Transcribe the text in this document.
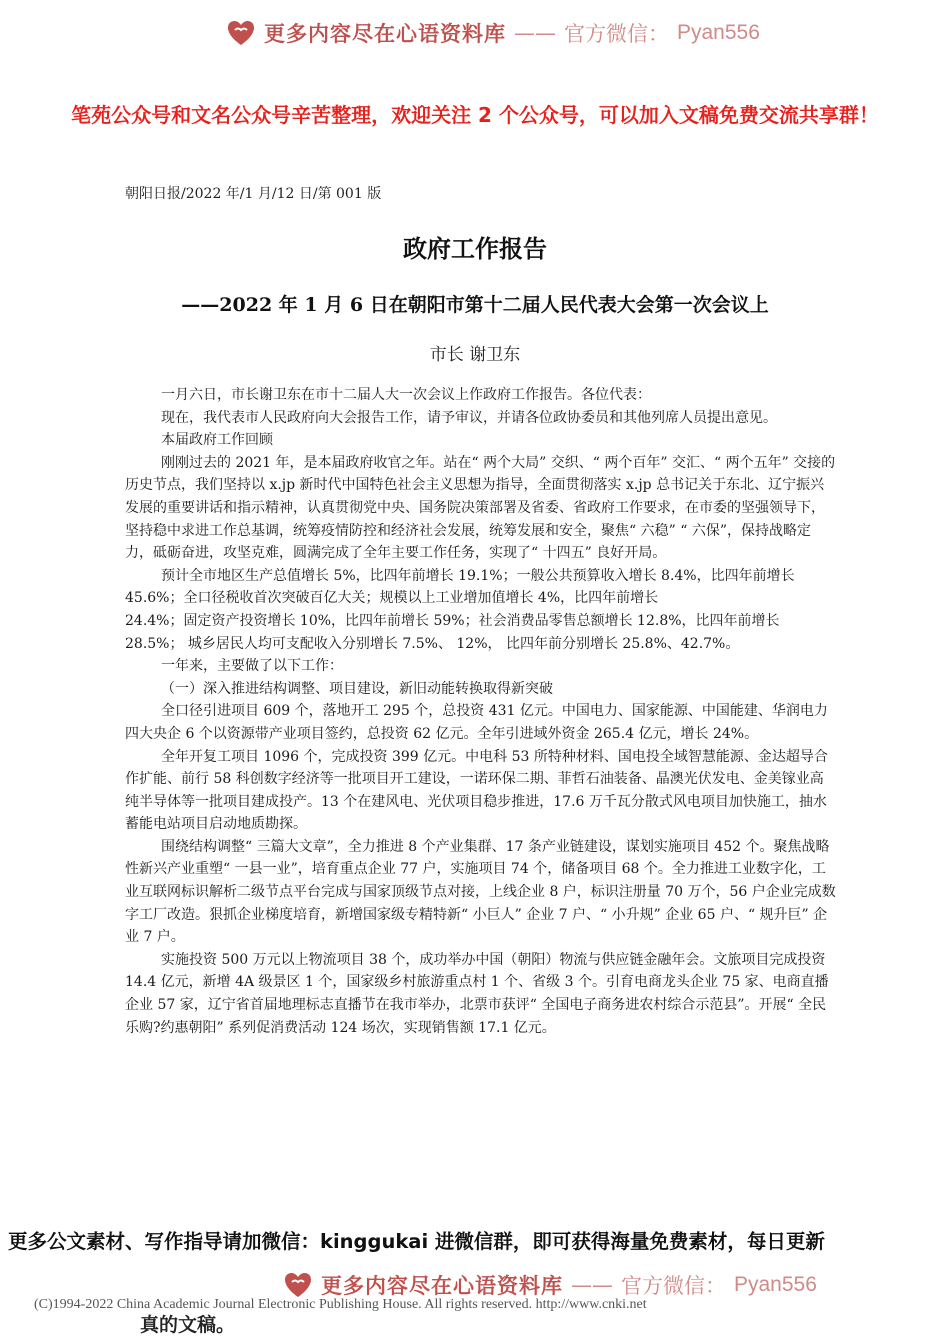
更多内容尽在心语资料库 —— 官方微信： Pyan556
笔苑公众号和文名公众号辛苦整理，欢迎关注 2 个公众号，可以加入文稿免费交流共享群！
朝阳日报/2022 年/1 月/12 日/第 001 版
政府工作报告
——2022 年 1 月 6 日在朝阳市第十二届人民代表大会第一次会议上
市长 谢卫东

一月六日，市长谢卫东在市十二届人大一次会议上作政府工作报告。各位代表：

现在，我代表市人民政府向大会报告工作，请予审议，并请各位政协委员和其他列席人员提出意见。

本届政府工作回顾

刚刚过去的 2021 年，是本届政府收官之年。站在“ 两个大局” 交织、“ 两个百年” 交汇、“ 两个五年” 交接的历史节点，我们坚持以 x.jp 新时代中国特色社会主义思想为指导，全面贯彻落实 x.jp 总书记关于东北、辽宁振兴发展的重要讲话和指示精神，认真贯彻党中央、国务院决策部署及省委、省政府工作要求，在市委的坚强领导下，坚持稳中求进工作总基调，统筹疫情防控和经济社会发展，统筹发展和安全，聚焦“ 六稳” “ 六保”，保持战略定力，砥砺奋进，攻坚克难，圆满完成了全年主要工作任务，实现了“ 十四五” 良好开局。

预计全市地区生产总值增长 5%，比四年前增长 19.1%；一般公共预算收入增长 8.4%，比四年前增长 45.6%；全口径税收首次突破百亿大关；规模以上工业增加值增长 4%，比四年前增长

24.4%；固定资产投资增长 10%，比四年前增长 59%；社会消费品零售总额增长 12.8%，比四年前增长 28.5%； 城乡居民人均可支配收入分别增长 7.5%、 12%， 比四年前分别增长 25.8%、42.7%。

一年来，主要做了以下工作：

（一）深入推进结构调整、项目建设，新旧动能转换取得新突破

全口径引进项目 609 个，落地开工 295 个，总投资 431 亿元。中国电力、国家能源、中国能建、华润电力四大央企 6 个以资源带产业项目签约，总投资 62 亿元。全年引进域外资金 265.4 亿元，增长 24%。

全年开复工项目 1096 个，完成投资 399 亿元。中电科 53 所特种材料、国电投全域智慧能源、金达超导合作扩能、前行 58 科创数字经济等一批项目开工建设，一诺环保二期、菲哲石油装备、晶澳光伏发电、金美镓业高纯半导体等一批项目建成投产。13 个在建风电、光伏项目稳步推进，17.6 万千瓦分散式风电项目加快施工，抽水蓄能电站项目启动地质勘探。

围绕结构调整“ 三篇大文章”，全力推进 8 个产业集群、17 条产业链建设，谋划实施项目 452 个。聚焦战略性新兴产业重塑“ 一县一业”，培育重点企业 77 户，实施项目 74 个，储备项目 68 个。全力推进工业数字化，工业互联网标识解析二级节点平台完成与国家顶级节点对接，上线企业 8 户，标识注册量 70 万个，56 户企业完成数字工厂改造。狠抓企业梯度培育，新增国家级专精特新“ 小巨人” 企业 7 户、“ 小升规” 企业 65 户、“ 规升巨” 企业 7 户。

实施投资 500 万元以上物流项目 38 个，成功举办中国（朝阳）物流与供应链金融年会。文旅项目完成投资 14.4 亿元，新增 4A 级景区 1 个，国家级乡村旅游重点村 1 个、省级 3 个。引育电商龙头企业 75 家、电商直播企业 57 家，辽宁省首届地理标志直播节在我市举办，北票市获评“ 全国电子商务进农村综合示范县”。开展“ 全民乐购?约惠朝阳” 系列促消费活动 124 场次，实现销售额 17.1 亿元。

更多公文素材、写作指导请加微信：kinggukai 进微信群，即可获得海量免费素材，每日更新
真的文稿。
(C)1994-2022 China Academic Journal Electronic Publishing House. All rights reserved. http://www.cnki.net
更多内容尽在心语资料库 —— 官方微信： Pyan556
